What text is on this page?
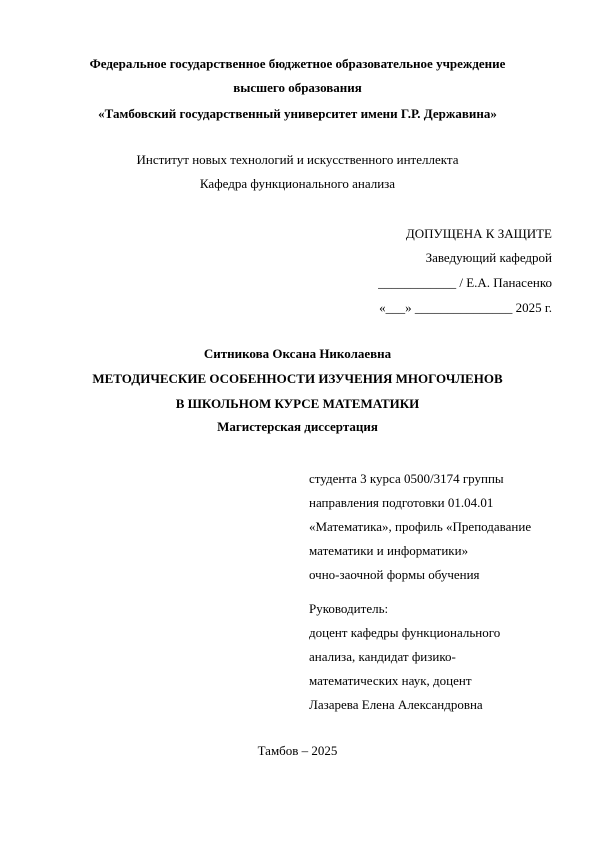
Федеральное государственное бюджетное образовательное учреждение
высшего образования
«Тамбовский государственный университет имени Г.Р. Державина»
Институт новых технологий и искусственного интеллекта
Кафедра функционального анализа
ДОПУЩЕНА К ЗАЩИТЕ
Заведующий кафедрой
____________ / Е.А. Панасенко
«___» _______________ 2025 г.
Ситникова Оксана Николаевна
МЕТОДИЧЕСКИЕ ОСОБЕННОСТИ ИЗУЧЕНИЯ МНОГОЧЛЕНОВ
В ШКОЛЬНОМ КУРСЕ МАТЕМАТИКИ
Магистерская диссертация
студента 3 курса 0500/3174 группы
направления подготовки 01.04.01
«Математика», профиль «Преподавание
математики и информатики»
очно-заочной формы обучения
Руководитель:
доцент кафедры функционального
анализа, кандидат физико-
математических наук, доцент
Лазарева Елена Александровна
Тамбов – 2025
